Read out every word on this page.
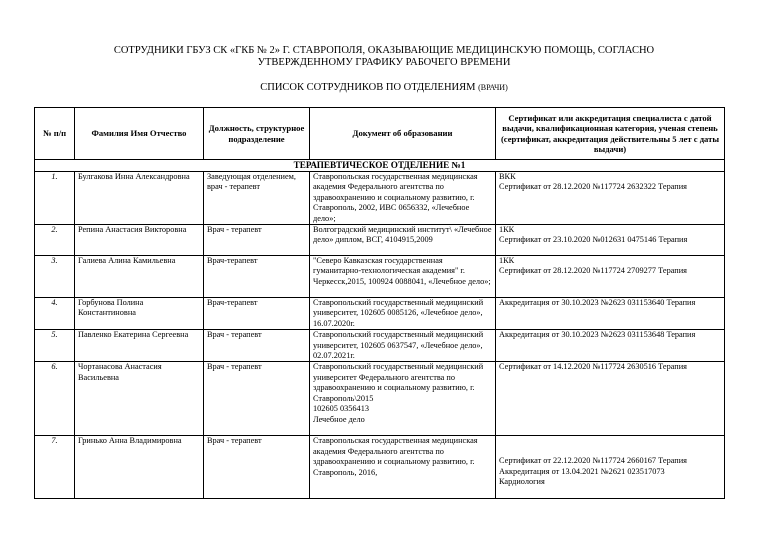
СОТРУДНИКИ ГБУЗ СК «ГКБ № 2» Г. СТАВРОПОЛЯ, ОКАЗЫВАЮЩИЕ МЕДИЦИНСКУЮ ПОМОЩЬ, СОГЛАСНО
УТВЕРЖДЕННОМУ ГРАФИКУ РАБОЧЕГО ВРЕМЕНИ
СПИСОК СОТРУДНИКОВ ПО ОТДЕЛЕНИЯМ (ВРАЧИ)
№ п/п	Фамилия Имя Отчество	Должность, структурное подразделение	Документ об образовании	Сертификат или аккредитация специалиста с датой выдачи, квалификационная категория, ученая степень (сертификат, аккредитация действительны 5 лет с даты выдачи)
ТЕРАПЕВТИЧЕСКОЕ ОТДЕЛЕНИЕ №1				
1.	Булгакова Инна Александровна	Заведующая отделением, врач - терапевт	Ставропольская государственная медицинская академия Федерального агентства по здравоохранению и социальному развитию, г. Ставрополь, 2002, ИВС 0656332, «Лечебное дело»;	ВКК
Сертификат от 28.12.2020 №117724 2632322 Терапия
2.	Репина Анастасия Викторовна	Врач - терапевт	Волгоградский медицинский институт\ «Лечебное дело» диплом, ВСГ, 4104915,2009	1КК
Сертификат от 23.10.2020 №012631 0475146 Терапия
3.	Галиева Алина Камильевна	Врач-терапевт	"Северо Кавказская государственная гуманитарно-технологическая академия" г. Черкесск,2015, 100924 0088041, «Лечебное дело»;	1КК
Сертификат от 28.12.2020 №117724 2709277 Терапия
4.	Горбунова Полина Константиновна	Врач-терапевт	Ставропольский государственный медицинский университет, 102605 0085126, «Лечебное дело», 16.07.2020г.	Аккредитация от 30.10.2023 №2623 031153640 Терапия
5.	Павленко Екатерина Сергеевна	Врач - терапевт	Ставропольский государственный медицинский университет, 102605 0637547, «Лечебное дело», 02.07.2021г.	Аккредитация от 30.10.2023 №2623 031153648 Терапия
6.	Чортанасова Анастасия Васильевна	Врач - терапевт	Ставропольский государственный медицинский университет Федерального агентства по здравоохранению и социальному развитию, г. Ставрополь\2015
102605 0356413
Лечебное дело	Сертификат от 14.12.2020 №117724 2630516 Терапия
7.	Гринько Анна Владимировна	Врач - терапевт	Ставропольская государственная медицинская академия Федерального агентства по здравоохранению и социальному развитию, г. Ставрополь, 2016,	Сертификат от 22.12.2020 №117724 2660167 Терапия
Аккредитация от 13.04.2021 №2621 023517073
Кардиология
